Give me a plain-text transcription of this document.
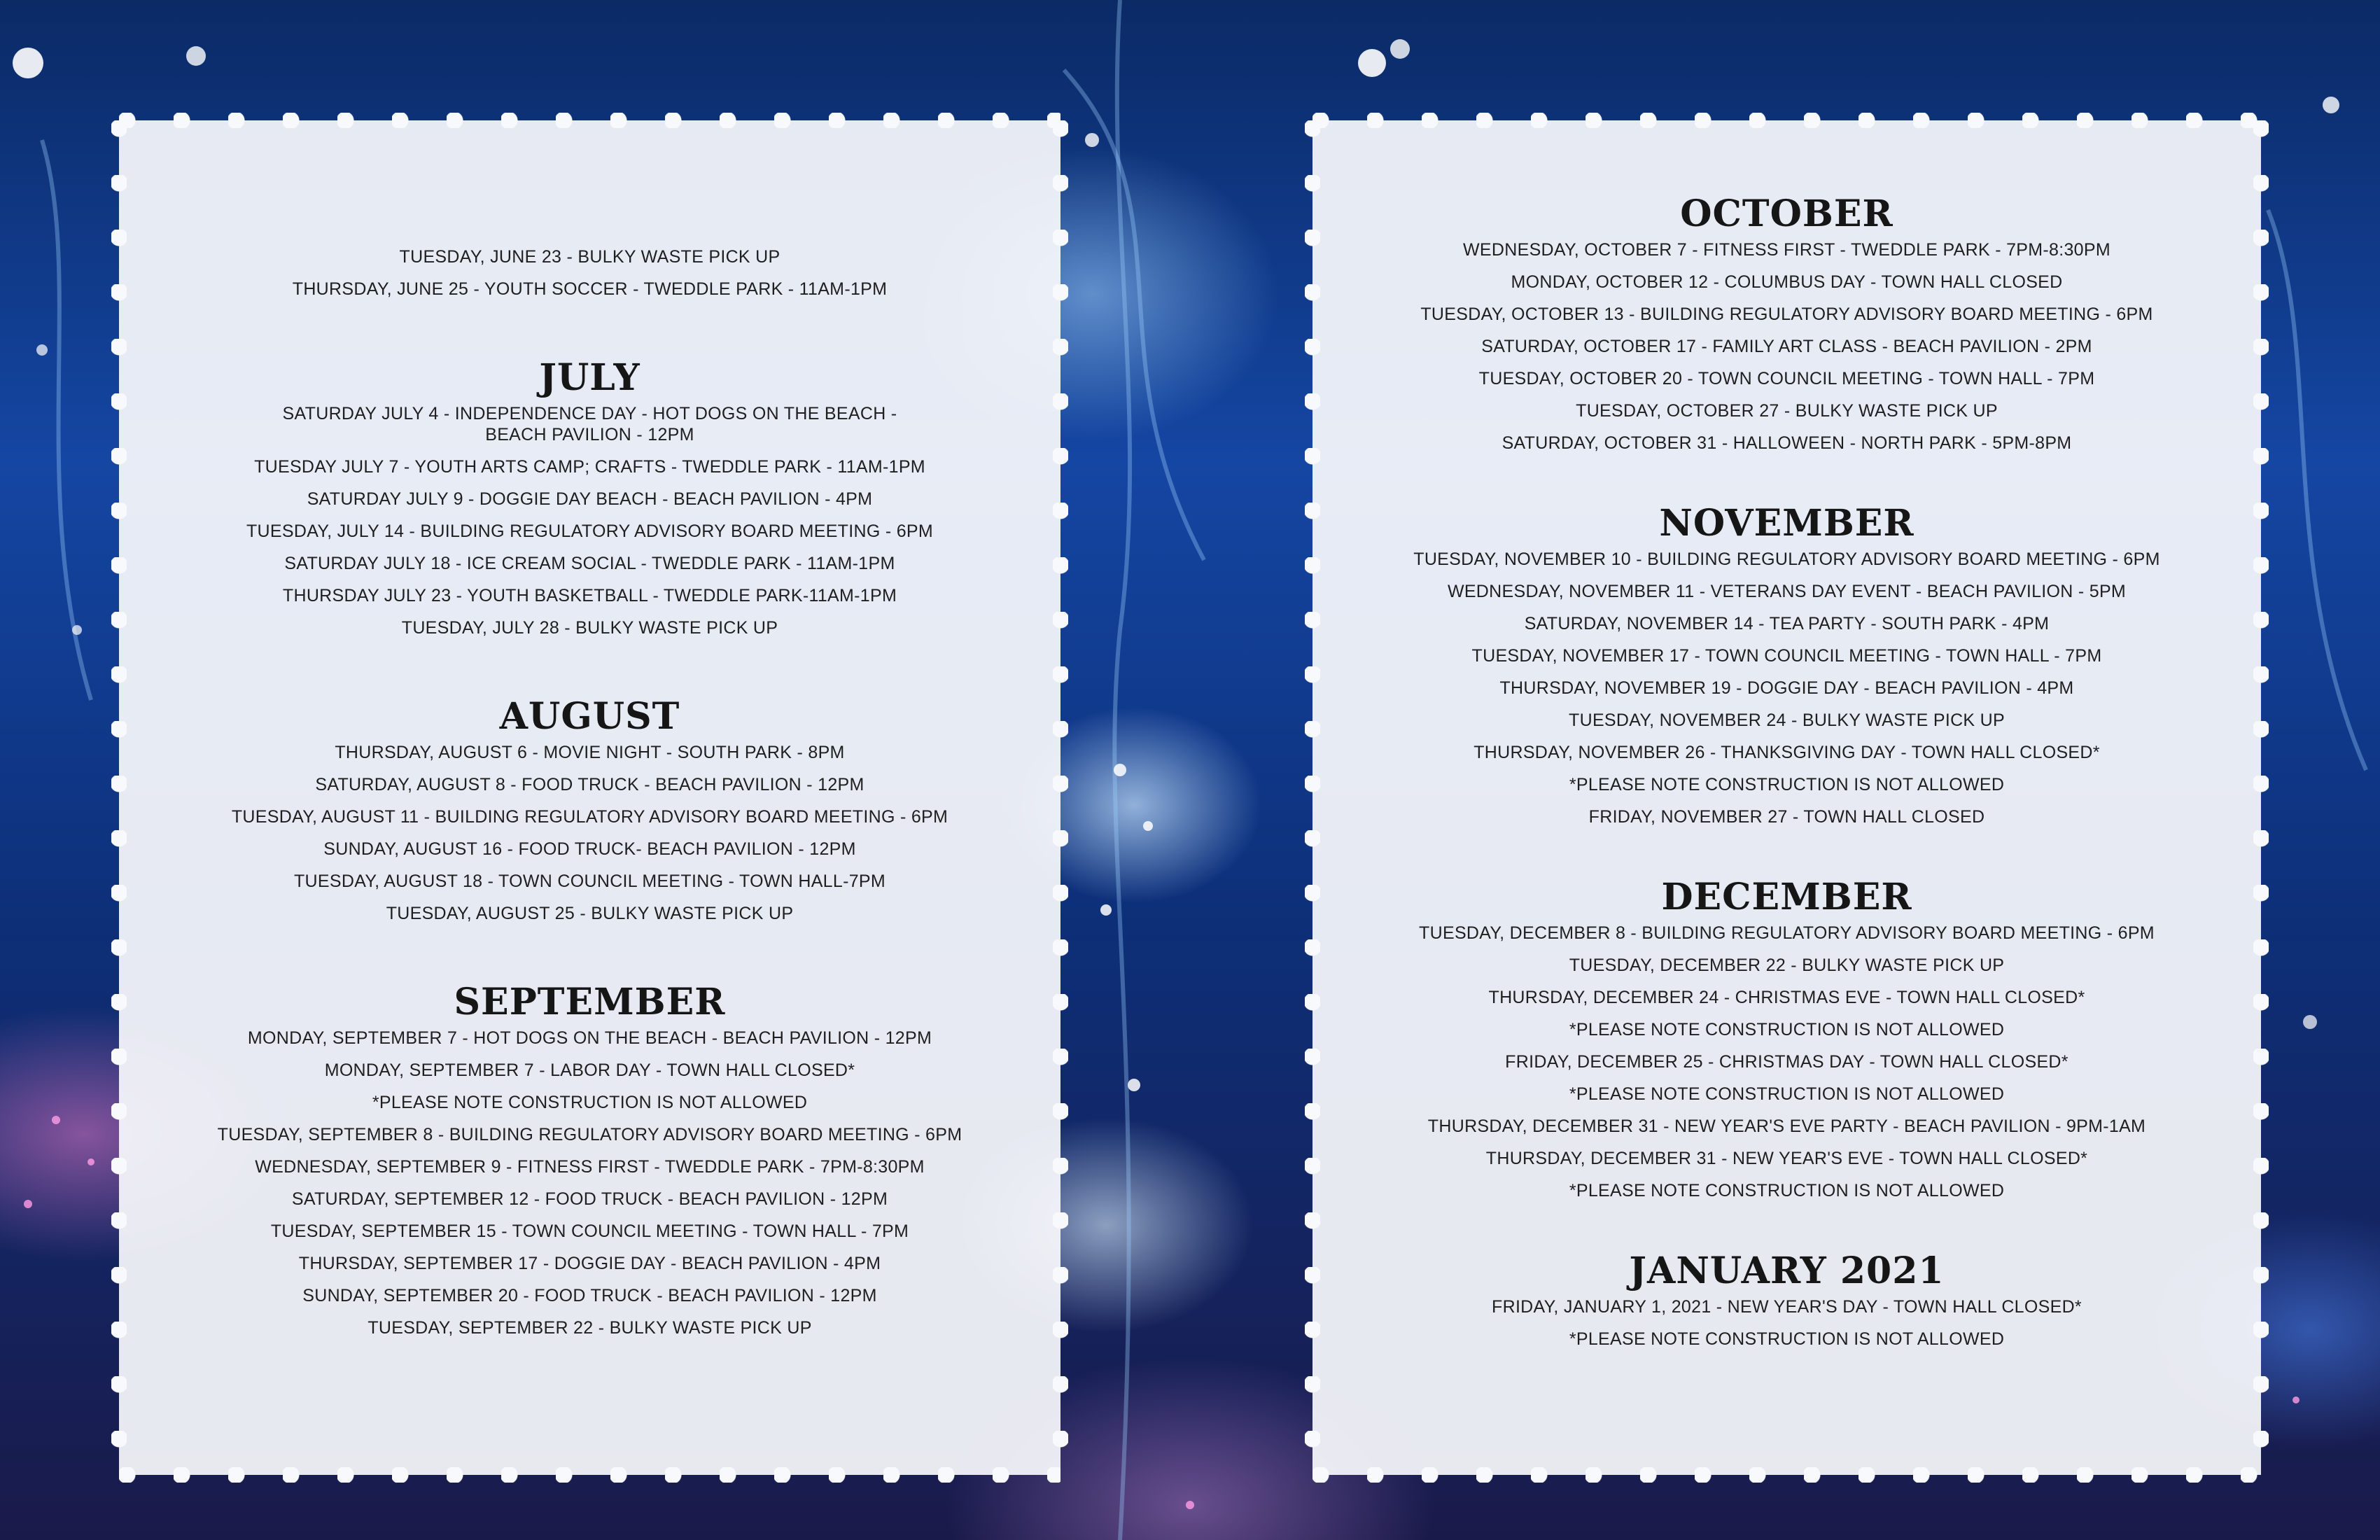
TUESDAY, JUNE 23 - BULKY WASTE PICK UP

THURSDAY, JUNE 25 - YOUTH SOCCER - TWEDDLE PARK - 11AM-1PM

JULY

SATURDAY JULY 4 - INDEPENDENCE DAY - HOT DOGS ON THE BEACH -

BEACH PAVILION - 12PM

TUESDAY JULY 7 - YOUTH ARTS CAMP; CRAFTS - TWEDDLE PARK - 11AM-1PM

SATURDAY JULY 9 - DOGGIE DAY BEACH - BEACH PAVILION - 4PM

TUESDAY, JULY 14 - BUILDING REGULATORY ADVISORY BOARD MEETING - 6PM

SATURDAY JULY 18 - ICE CREAM SOCIAL - TWEDDLE PARK - 11AM-1PM

THURSDAY JULY 23 - YOUTH BASKETBALL - TWEDDLE PARK-11AM-1PM

TUESDAY, JULY 28 - BULKY WASTE PICK UP

AUGUST

THURSDAY, AUGUST 6 - MOVIE NIGHT - SOUTH PARK - 8PM

SATURDAY, AUGUST 8 - FOOD TRUCK - BEACH PAVILION - 12PM

TUESDAY, AUGUST 11 - BUILDING REGULATORY ADVISORY BOARD MEETING - 6PM

SUNDAY, AUGUST 16 - FOOD TRUCK- BEACH PAVILION - 12PM

TUESDAY, AUGUST 18 - TOWN COUNCIL MEETING - TOWN HALL-7PM

TUESDAY, AUGUST 25 - BULKY WASTE PICK UP

SEPTEMBER

MONDAY, SEPTEMBER 7 - HOT DOGS ON THE BEACH - BEACH PAVILION - 12PM

MONDAY, SEPTEMBER 7 - LABOR DAY - TOWN HALL CLOSED*

*PLEASE NOTE CONSTRUCTION IS NOT ALLOWED

TUESDAY, SEPTEMBER 8 - BUILDING REGULATORY ADVISORY BOARD MEETING - 6PM

WEDNESDAY, SEPTEMBER 9 - FITNESS FIRST - TWEDDLE PARK - 7PM-8:30PM

SATURDAY, SEPTEMBER 12 - FOOD TRUCK - BEACH PAVILION - 12PM

TUESDAY, SEPTEMBER 15 - TOWN COUNCIL MEETING - TOWN HALL - 7PM

THURSDAY, SEPTEMBER 17 - DOGGIE DAY - BEACH PAVILION - 4PM

SUNDAY, SEPTEMBER 20 - FOOD TRUCK - BEACH PAVILION - 12PM

TUESDAY, SEPTEMBER 22 - BULKY WASTE PICK UP

OCTOBER

WEDNESDAY, OCTOBER 7 - FITNESS FIRST - TWEDDLE PARK - 7PM-8:30PM

MONDAY, OCTOBER 12 - COLUMBUS DAY - TOWN HALL CLOSED

TUESDAY, OCTOBER 13 - BUILDING REGULATORY ADVISORY BOARD MEETING - 6PM

SATURDAY, OCTOBER 17 - FAMILY ART CLASS - BEACH PAVILION - 2PM

TUESDAY, OCTOBER 20 - TOWN COUNCIL MEETING - TOWN HALL - 7PM

TUESDAY, OCTOBER 27 - BULKY WASTE PICK UP

SATURDAY, OCTOBER 31 - HALLOWEEN - NORTH PARK - 5PM-8PM

NOVEMBER

TUESDAY, NOVEMBER 10 - BUILDING REGULATORY ADVISORY BOARD MEETING - 6PM

WEDNESDAY, NOVEMBER 11 - VETERANS DAY EVENT - BEACH PAVILION - 5PM

SATURDAY, NOVEMBER 14 - TEA PARTY - SOUTH PARK - 4PM

TUESDAY, NOVEMBER 17 - TOWN COUNCIL MEETING - TOWN HALL - 7PM

THURSDAY, NOVEMBER 19 - DOGGIE DAY - BEACH PAVILION - 4PM

TUESDAY, NOVEMBER 24 - BULKY WASTE PICK UP

THURSDAY, NOVEMBER 26 - THANKSGIVING DAY - TOWN HALL CLOSED*

*PLEASE NOTE CONSTRUCTION IS NOT ALLOWED

FRIDAY, NOVEMBER 27 - TOWN HALL CLOSED

DECEMBER

TUESDAY, DECEMBER 8 - BUILDING REGULATORY ADVISORY BOARD MEETING - 6PM

TUESDAY, DECEMBER 22 - BULKY WASTE PICK UP

THURSDAY, DECEMBER 24 - CHRISTMAS EVE - TOWN HALL CLOSED*

*PLEASE NOTE CONSTRUCTION IS NOT ALLOWED

FRIDAY, DECEMBER 25 - CHRISTMAS DAY - TOWN HALL CLOSED*

*PLEASE NOTE CONSTRUCTION IS NOT ALLOWED

THURSDAY, DECEMBER 31 - NEW YEAR'S EVE PARTY - BEACH PAVILION - 9PM-1AM

THURSDAY, DECEMBER 31 - NEW YEAR'S EVE - TOWN HALL CLOSED*

*PLEASE NOTE CONSTRUCTION IS NOT ALLOWED

JANUARY 2021

FRIDAY, JANUARY 1, 2021 - NEW YEAR'S DAY - TOWN HALL CLOSED*

*PLEASE NOTE CONSTRUCTION IS NOT ALLOWED
